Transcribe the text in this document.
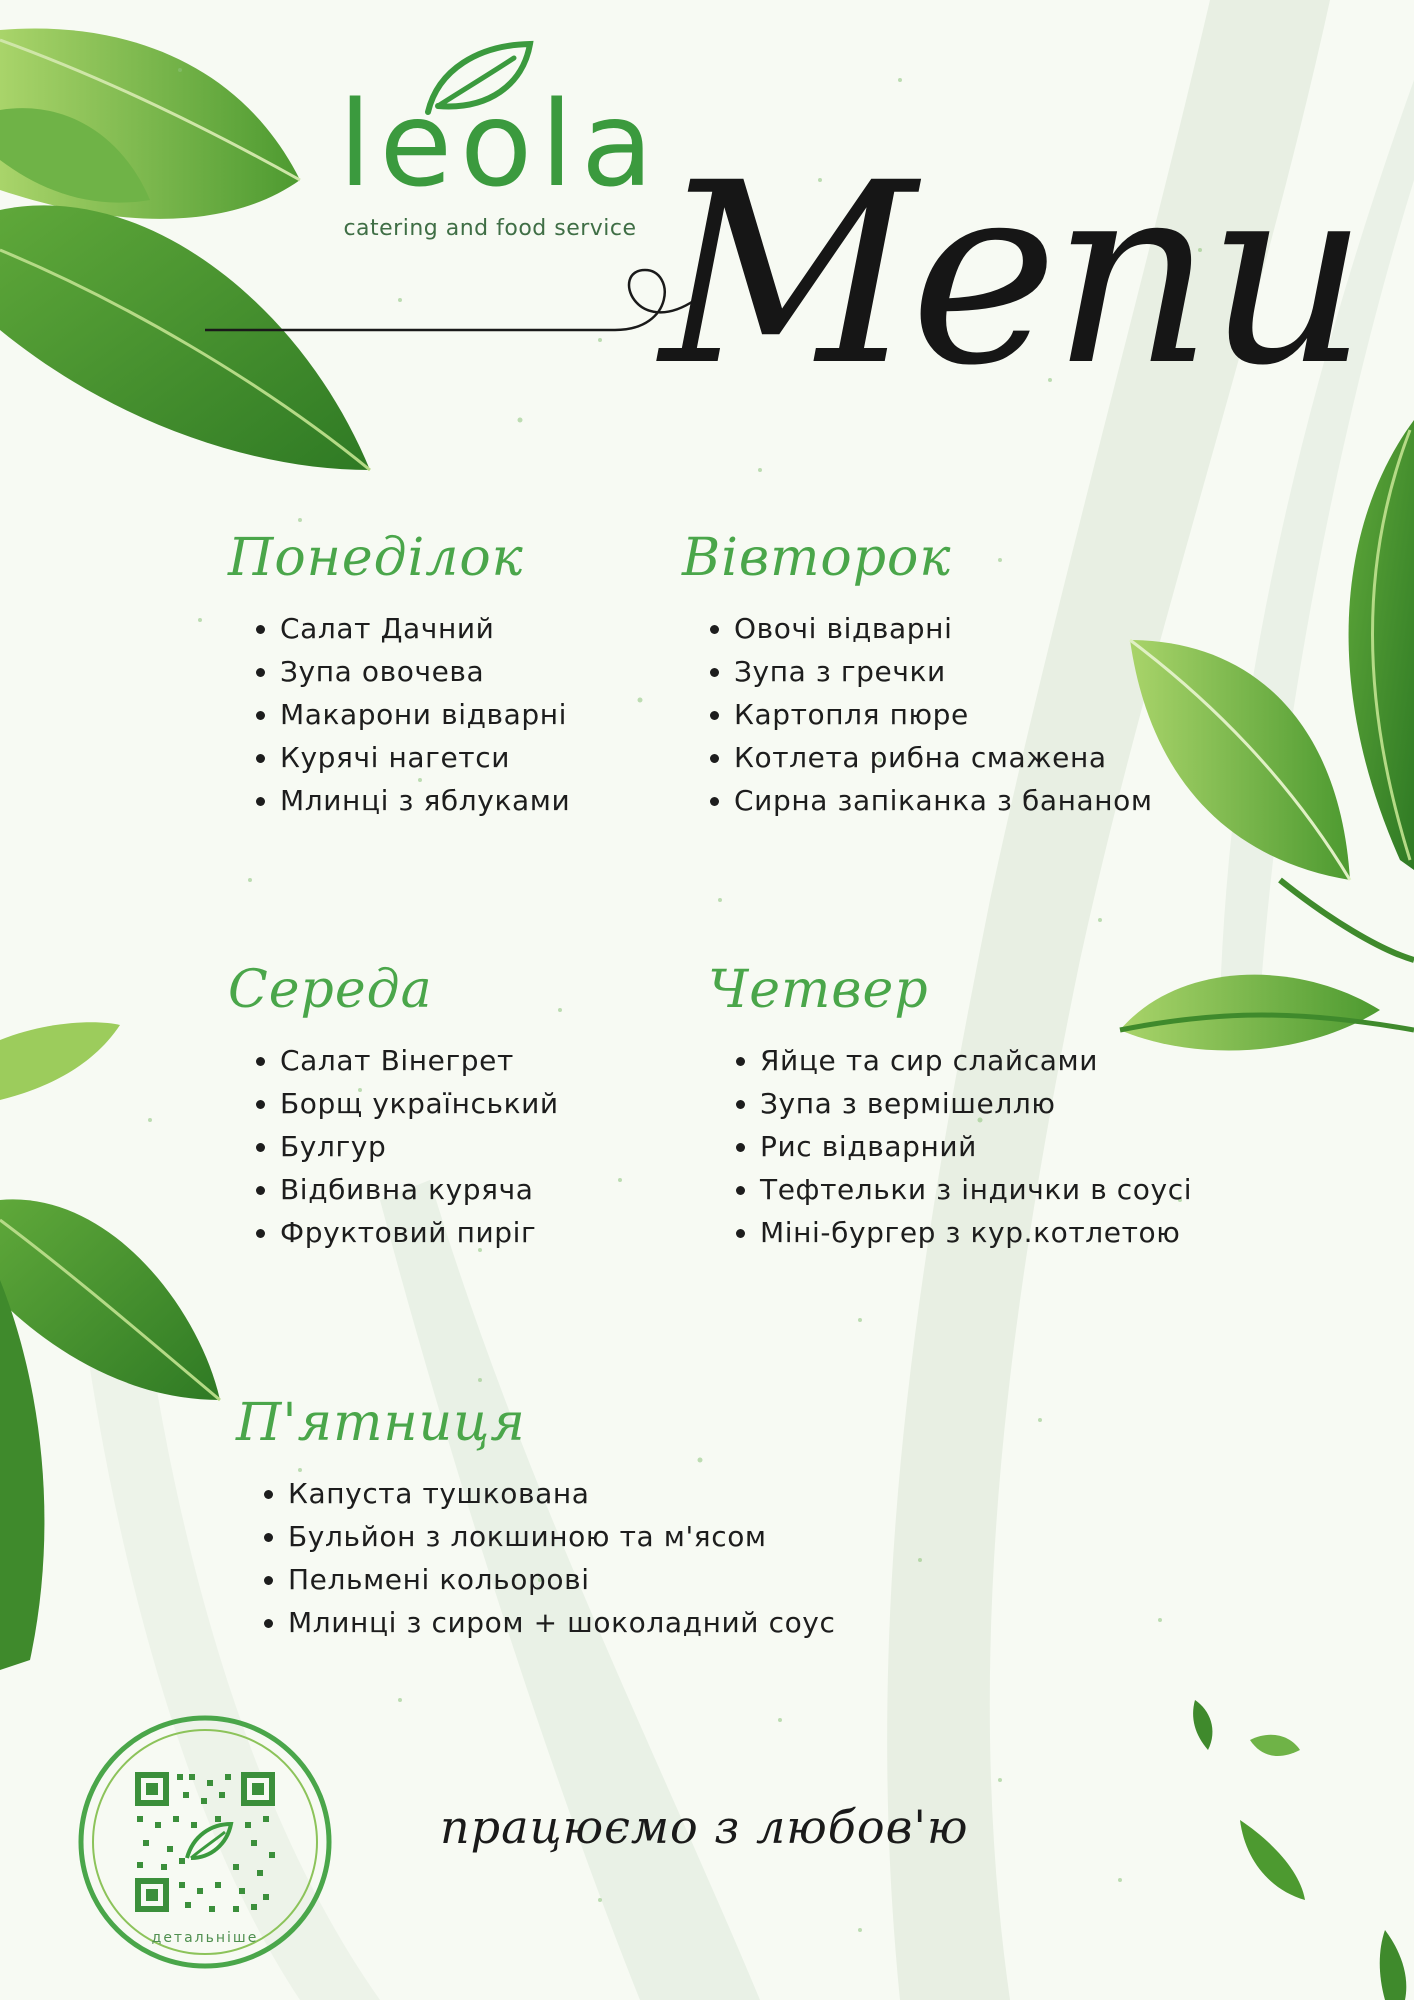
leola
catering and food service Menu
Понеділок
• Салат Дачний
• Зупа овочева
• Макарони відварні
• Курячі нагетси
• Млинці з яблуками
Вівторок
• Овочі відварні
• Зупа з гречки
• Картопля пюре
• Котлета рибна смажена
• Сирна запіканка з бананом
Середа
• Салат Вінегрет
• Борщ український
• Булгур
• Відбивна куряча
• Фруктовий пиріг
Четвер
• Яйце та сир слайсами
• Зупа з вермішеллю
• Рис відварний
• Тефтельки з індички в соусі
• Міні-бургер з кур.котлетою
П'ятниця
• Капуста тушкована
• Бульйон з локшиною та м'ясом
• Пельмені кольорові
• Млинці з сиром + шоколадний соус
працюємо з любов'ю
детальніше
